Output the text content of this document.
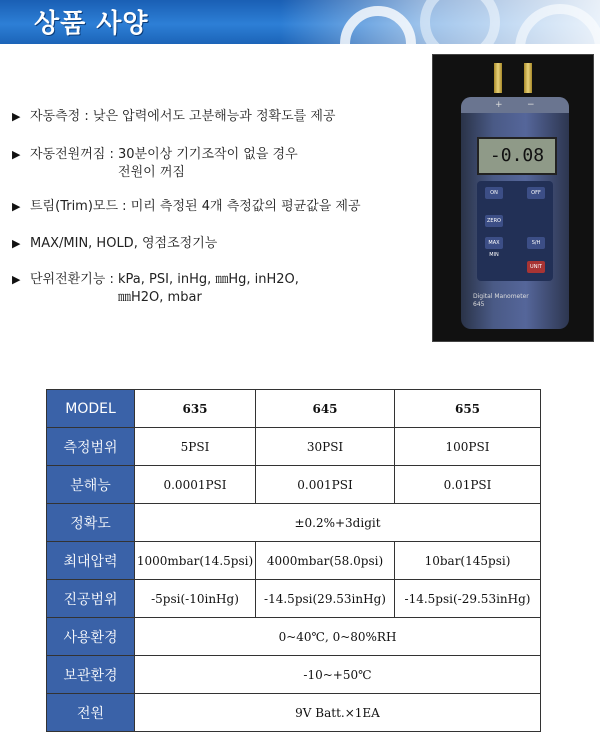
상품 사양
▶ 자동측정 : 낮은 압력에서도 고분해능과 정확도를 제공
▶ 자동전원꺼짐 : 30분이상 기기조작이 없을 경우
전원이 꺼짐
▶ 트림(Trim)모드 : 미리 측정된 4개 측정값의 평균값을 제공
▶ MAX/MIN, HOLD, 영점조정기능
▶ 단위전환기능 : kPa, PSI, inHg, ㎜Hg, inH2O,
㎜H2O, mbar
+	−
-0.08
ON	OFF
ZERO
MAX MIN
S/H
UNIT
Digital Manometer
645
MODEL	635	645	655
측정범위	5PSI	30PSI	100PSI
분해능	0.0001PSI	0.001PSI	0.01PSI
정확도	±0.2%+3digit		
최대압력	1000mbar(14.5psi)	4000mbar(58.0psi)	10bar(145psi)
진공범위	-5psi(-10inHg)	-14.5psi(29.53inHg)	-14.5psi(-29.53inHg)
사용환경	0~40℃, 0~80%RH		
보관환경	-10~+50℃		
전원	9V Batt.×1EA		
